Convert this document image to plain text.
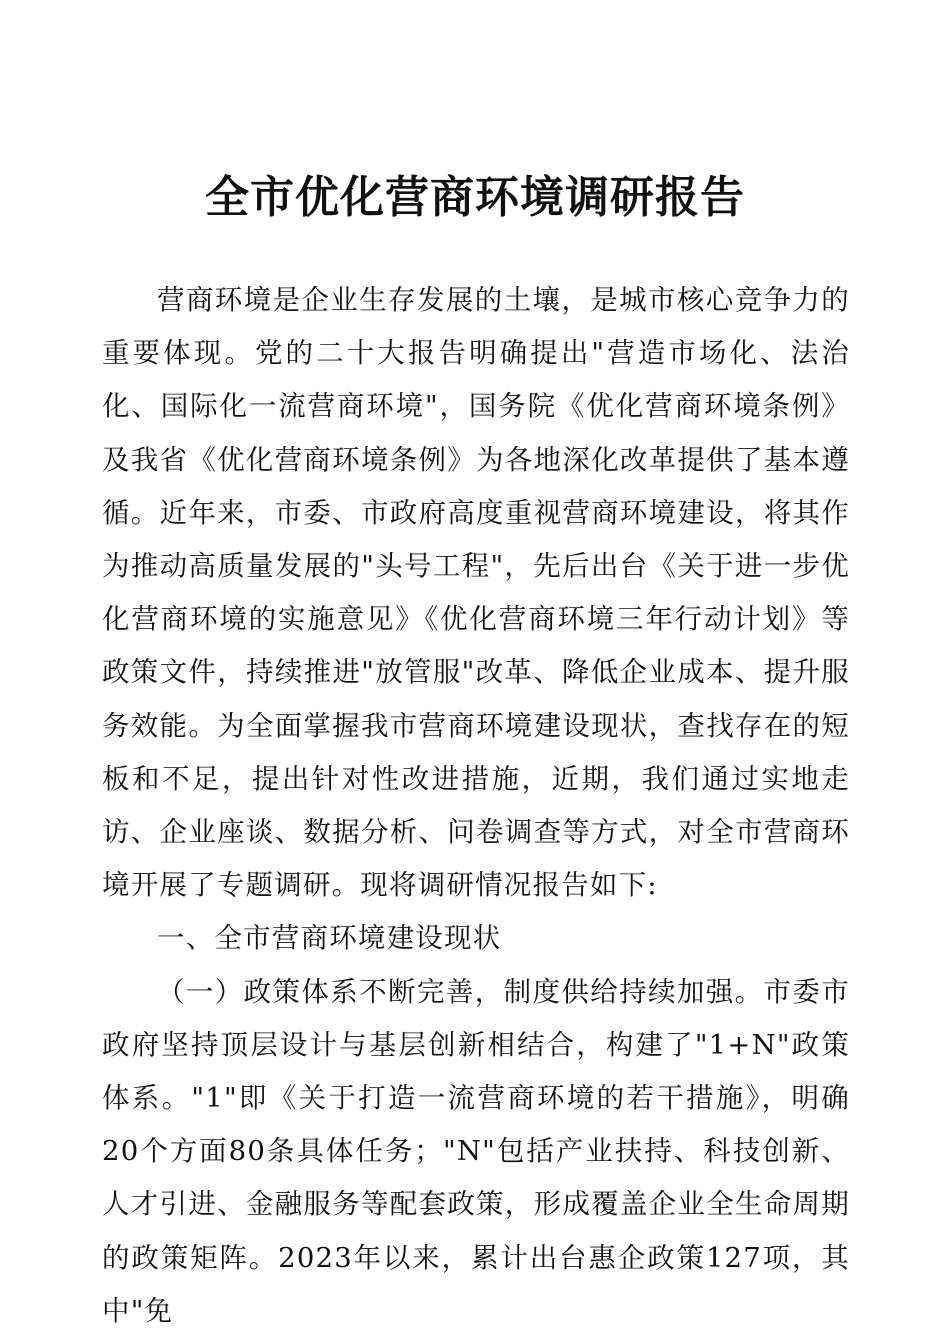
全市优化营商环境调研报告

营商环境是企业生存发展的土壤，是城市核心竞争力的重要体现。党的二十大报告明确提出"营造市场化、法治化、国际化一流营商环境"，国务院《优化营商环境条例》及我省《优化营商环境条例》为各地深化改革提供了基本遵循。近年来，市委、市政府高度重视营商环境建设，将其作为推动高质量发展的"头号工程"，先后出台《关于进一步优化营商环境的实施意见》《优化营商环境三年行动计划》等政策文件，持续推进"放管服"改革、降低企业成本、提升服务效能。为全面掌握我市营商环境建设现状，查找存在的短板和不足，提出针对性改进措施，近期，我们通过实地走访、企业座谈、数据分析、问卷调查等方式，对全市营商环境开展了专题调研。现将调研情况报告如下:

一、全市营商环境建设现状

（一）政策体系不断完善，制度供给持续加强。市委市政府坚持顶层设计与基层创新相结合，构建了"1+N"政策体系。"1"即《关于打造一流营商环境的若干措施》，明确20个方面80条具体任务；"N"包括产业扶持、科技创新、人才引进、金融服务等配套政策，形成覆盖企业全生命周期的政策矩阵。2023年以来，累计出台惠企政策127项，其中"免
